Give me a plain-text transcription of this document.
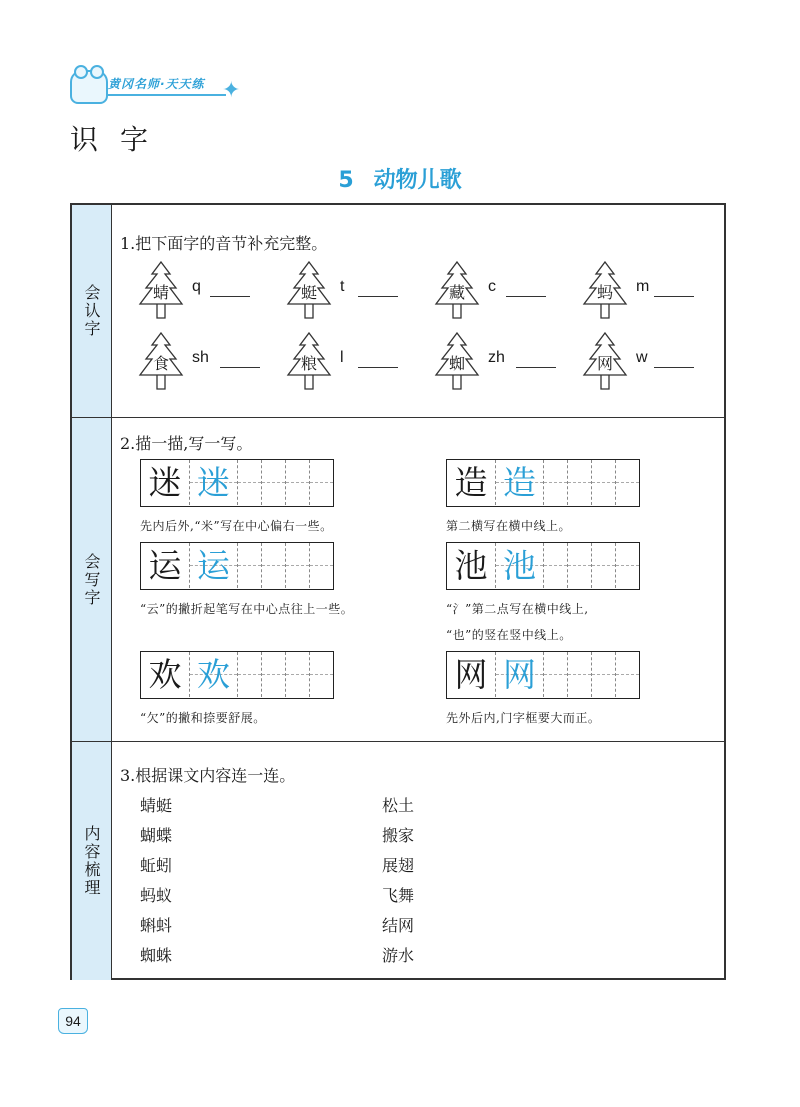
黄冈名师·天天练 ✦
识字
5 动物儿歌
会认字
会写字
内容梳理
1.把下面字的音节补充完整。
蜻 q	蜓 t	藏 c	蚂 m
食 sh	粮 l	蜘 zh	网 w
2.描一描,写一写。
迷 迷
先内后外,“米”写在中心偏右一些。
造 造
第二横写在横中线上。
运 运
“云”的撇折起笔写在中心点往上一些。
池 池
“氵”第二点写在横中线上,
“也”的竖在竖中线上。
欢 欢
“欠”的撇和捺要舒展。
网 网
先外后内,门字框要大而正。
3.根据课文内容连一连。
蜻蜓
蝴蝶
蚯蚓
蚂蚁
蝌蚪
蜘蛛
松土
搬家
展翅
飞舞
结网
游水
94
